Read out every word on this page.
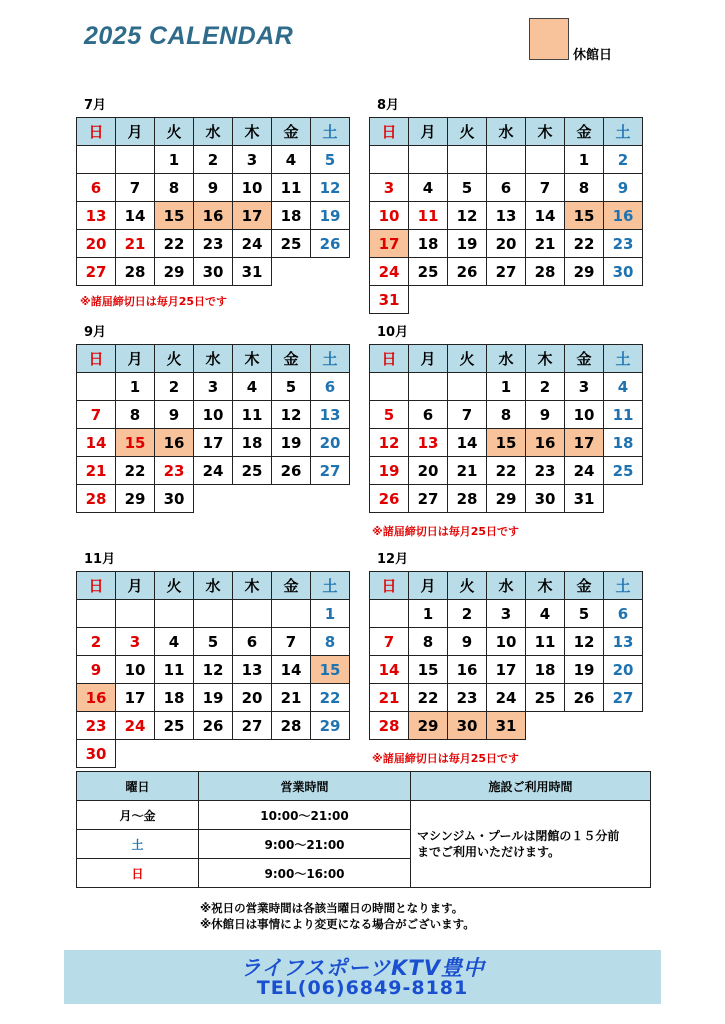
2025 CALENDAR
休館日
7月
日	月	火	水	木	金	土
		1	2	3	4	5
6	7	8	9	10	11	12
13	14	15	16	17	18	19
20	21	22	23	24	25	26
27	28	29	30	31		
※諸届締切日は毎月25日です
8月
日	月	火	水	木	金	土
					1	2
3	4	5	6	7	8	9
10	11	12	13	14	15	16
17	18	19	20	21	22	23
24	25	26	27	28	29	30
31						
9月
日	月	火	水	木	金	土
	1	2	3	4	5	6
7	8	9	10	11	12	13
14	15	16	17	18	19	20
21	22	23	24	25	26	27
28	29	30				
10月
日	月	火	水	木	金	土
			1	2	3	4
5	6	7	8	9	10	11
12	13	14	15	16	17	18
19	20	21	22	23	24	25
26	27	28	29	30	31	
※諸届締切日は毎月25日です
11月
日	月	火	水	木	金	土
						1
2	3	4	5	6	7	8
9	10	11	12	13	14	15
16	17	18	19	20	21	22
23	24	25	26	27	28	29
30						
12月
日	月	火	水	木	金	土
	1	2	3	4	5	6
7	8	9	10	11	12	13
14	15	16	17	18	19	20
21	22	23	24	25	26	27
28	29	30	31			
※諸届締切日は毎月25日です
曜日	営業時間	施設ご利用時間
月～金	10:00～21:00	マシンジム・プールは閉館の１５分前
までご利用いただけます。
土	9:00～21:00	
日	9:00～16:00	
※祝日の営業時間は各該当曜日の時間となります。
※休館日は事情により変更になる場合がございます。
ライフスポーツKTV豊中
TEL(06)6849-8181
